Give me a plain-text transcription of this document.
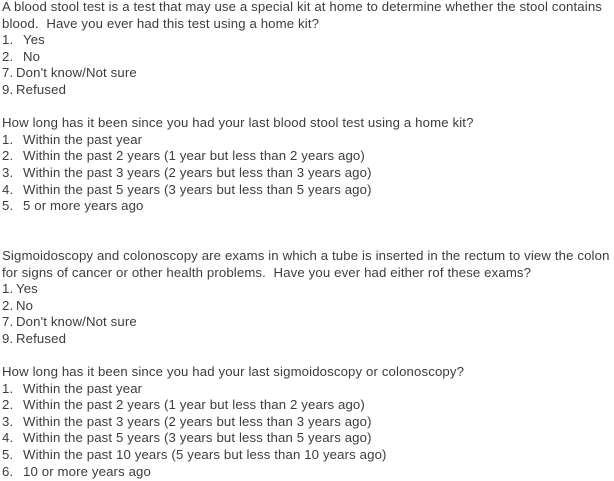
A blood stool test is a test that may use a special kit at home to determine whether the stool contains blood.  Have you ever had this test using a home kit?

1. Yes
2. No
7. Don't know/Not sure
9. Refused

How long has it been since you had your last blood stool test using a home kit?

1. Within the past year
2. Within the past 2 years (1 year but less than 2 years ago)
3. Within the past 3 years (2 years but less than 3 years ago)
4. Within the past 5 years (3 years but less than 5 years ago)
5. 5 or more years ago

Sigmoidoscopy and colonoscopy are exams in which a tube is inserted in the rectum to view the colon for signs of cancer or other health problems.  Have you ever had either rof these exams?

1. Yes
2. No
7. Don't know/Not sure
9. Refused

How long has it been since you had your last sigmoidoscopy or colonoscopy?

1. Within the past year
2. Within the past 2 years (1 year but less than 2 years ago)
3. Within the past 3 years (2 years but less than 3 years ago)
4. Within the past 5 years (3 years but less than 5 years ago)
5. Within the past 10 years (5 years but less than 10 years ago)
6. 10 or more years ago
